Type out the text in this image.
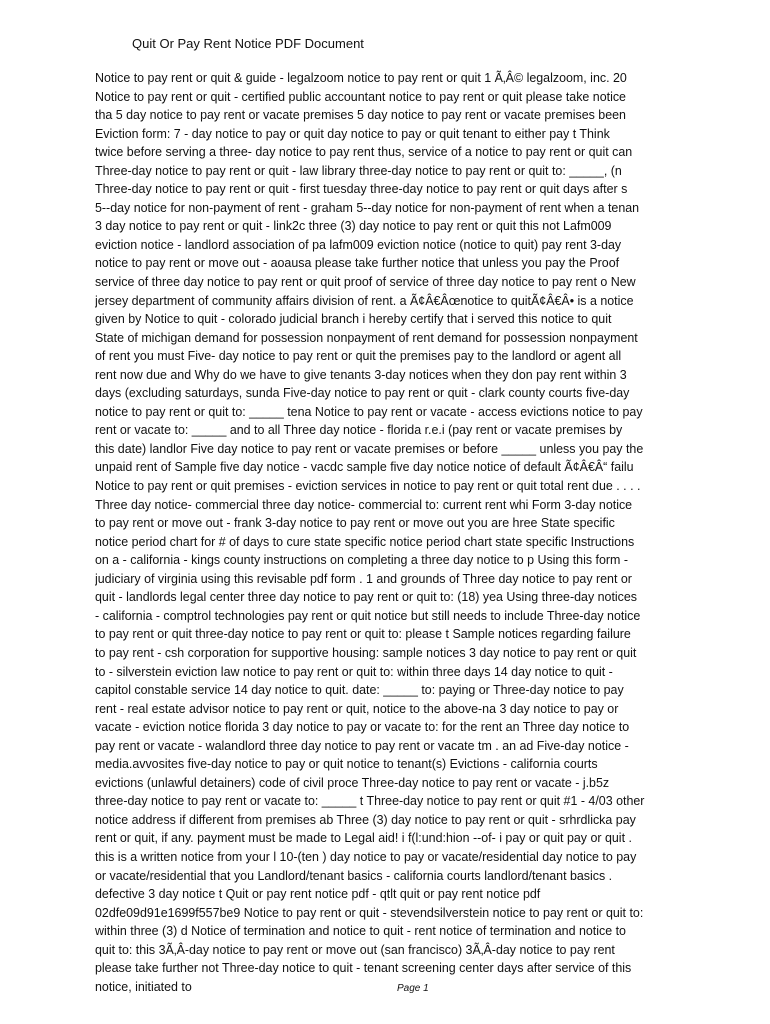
Quit Or Pay Rent Notice PDF Document
Notice to pay rent or quit & guide - legalzoom notice to pay rent or quit 1 Ã‚Â© legalzoom, inc. 20
Notice to pay rent or quit - certified public accountant notice to pay rent or quit please take notice
tha 5 day notice to pay rent or vacate premises 5 day notice to pay rent or vacate premises been
Eviction form: 7 - day notice to pay or quit day notice to pay or quit tenant to either pay t Think
twice before serving a three- day notice to pay rent thus, service of a notice to pay rent or quit can
Three-day notice to pay rent or quit - law library three-day notice to pay rent or quit to: _____, (n
Three-day notice to pay rent or quit - first tuesday three-day notice to pay rent or quit days after s
5--day notice for non-payment of rent - graham 5--day notice for non-payment of rent when a tenan
3 day notice to pay rent or quit - link2c three (3) day notice to pay rent or quit this not Lafm009
eviction notice - landlord association of pa lafm009 eviction notice (notice to quit) pay rent 3-day
notice to pay rent or move out - aoausa please take further notice that unless you pay the Proof
service of three day notice to pay rent or quit proof of service of three day notice to pay rent o New
jersey department of community affairs division of rent. a Ã¢Â€Âœnotice to quitÃ¢Â€Â• is a notice
given by Notice to quit - colorado judicial branch i hereby certify that i served this notice to quit
State of michigan demand for possession nonpayment of rent demand for possession nonpayment
of rent you must Five- day notice to pay rent or quit the premises pay to the landlord or agent all
rent now due and Why do we have to give tenants 3-day notices when they don pay rent within 3
days (excluding saturdays, sunda Five-day notice to pay rent or quit - clark county courts five-day
notice to pay rent or quit to: _____ tena Notice to pay rent or vacate - access evictions notice to pay
rent or vacate to: _____ and to all Three day notice - florida r.e.i (pay rent or vacate premises by
this date) landlor Five day notice to pay rent or vacate premises or before _____ unless you pay the
unpaid rent of Sample five day notice - vacdc sample five day notice notice of default Ã¢Â€Â“ failu
Notice to pay rent or quit premises - eviction services in notice to pay rent or quit total rent due . . . .
Three day notice- commercial three day notice- commercial to: current rent whi Form 3-day notice
to pay rent or move out - frank 3-day notice to pay rent or move out you are hree State specific
notice period chart for # of days to cure state specific notice period chart state specific Instructions
on a - california - kings county instructions on completing a three day notice to p Using this form -
judiciary of virginia using this revisable pdf form . 1 and grounds of Three day notice to pay rent or
quit - landlords legal center three day notice to pay rent or quit to: (18) yea Using three-day notices
- california - comptrol technologies pay rent or quit notice but still needs to include Three-day notice
to pay rent or quit three-day notice to pay rent or quit to: please t Sample notices regarding failure
to pay rent - csh corporation for supportive housing: sample notices 3 day notice to pay rent or quit
to - silverstein eviction law notice to pay rent or quit to: within three days 14 day notice to quit -
capitol constable service 14 day notice to quit. date: _____ to: paying or Three-day notice to pay
rent - real estate advisor notice to pay rent or quit, notice to the above-na 3 day notice to pay or
vacate - eviction notice florida 3 day notice to pay or vacate to: for the rent an Three day notice to
pay rent or vacate - walandlord three day notice to pay rent or vacate tm . an ad Five-day notice -
media.avvosites five-day notice to pay or quit notice to tenant(s) Evictions - california courts
evictions (unlawful detainers) code of civil proce Three-day notice to pay rent or vacate - j.b5z
three-day notice to pay rent or vacate to: _____ t Three-day notice to pay rent or quit #1 - 4/03 other
notice address if different from premises ab Three (3) day notice to pay rent or quit - srhrdlicka pay
rent or quit, if any. payment must be made to Legal aid! i f(l:und:hion --of- i pay or quit pay or quit .
this is a written notice from your l 10-(ten ) day notice to pay or vacate/residential day notice to pay
or vacate/residential that you Landlord/tenant basics - california courts landlord/tenant basics .
defective 3 day notice t Quit or pay rent notice pdf - qtlt quit or pay rent notice pdf
02dfe09d91e1699f557be9 Notice to pay rent or quit - stevendsilverstein notice to pay rent or quit to:
within three (3) d Notice of termination and notice to quit - rent notice of termination and notice to
quit to: this 3Ã‚Â-day notice to pay rent or move out (san francisco) 3Ã‚Â-day notice to pay rent
please take further not Three-day notice to quit - tenant screening center days after service of this
notice, initiated to	Page 1
